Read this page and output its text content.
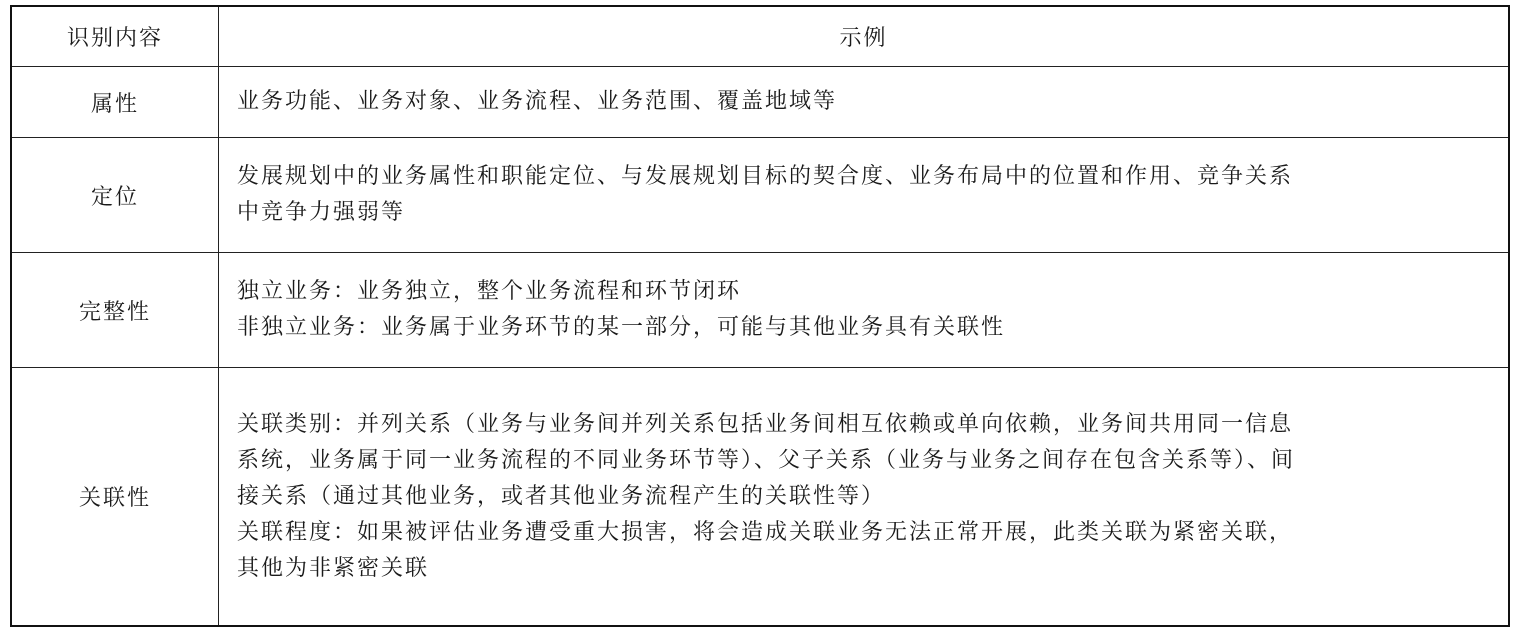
识别内容	示例
属性	业务功能、业务对象、业务流程、业务范围、覆盖地域等

定位	发展规划中的业务属性和职能定位、与发展规划目标的契合度、业务布局中的位置和作用、竞争关系
中竞争力强弱等

完整性	独立业务：业务独立，整个业务流程和环节闭环
非独立业务：业务属于业务环节的某一部分，可能与其他业务具有关联性

关联性	关联类别：并列关系（业务与业务间并列关系包括业务间相互依赖或单向依赖，业务间共用同一信息
系统，业务属于同一业务流程的不同业务环节等）、父子关系（业务与业务之间存在包含关系等）、间
接关系（通过其他业务，或者其他业务流程产生的关联性等）
关联程度：如果被评估业务遭受重大损害，将会造成关联业务无法正常开展，此类关联为紧密关联，
其他为非紧密关联
